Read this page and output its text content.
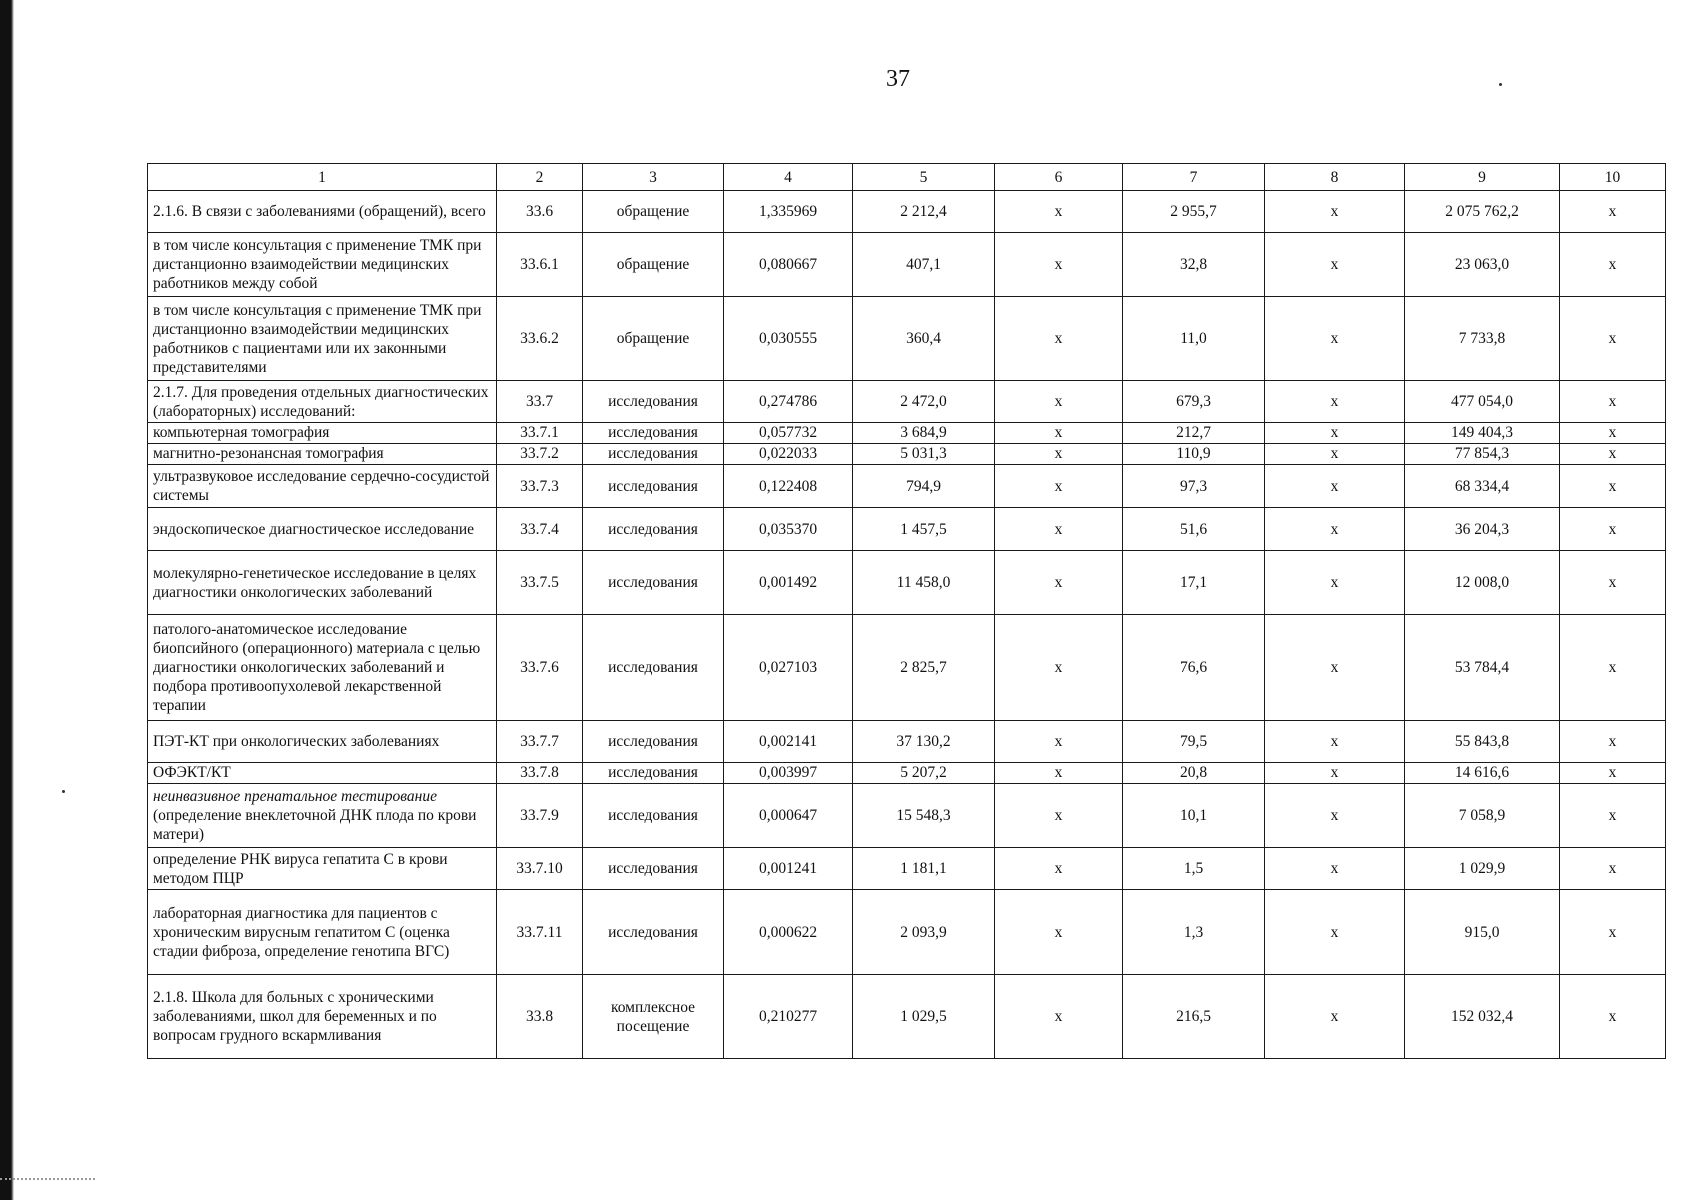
37
1	2	3	4	5	6	7	8	9	10
2.1.6. В связи с заболеваниями (обращений), всего	33.6	обращение	1,335969	2 212,4	х	2 955,7	х	2 075 762,2	х
в том числе консультация с применение ТМК при дистанционно взаимодействии медицинских работников между собой	33.6.1	обращение	0,080667	407,1	х	32,8	х	23 063,0	х
в том числе консультация с применение ТМК при дистанционно взаимодействии медицинских работников с пациентами или их законными представителями	33.6.2	обращение	0,030555	360,4	х	11,0	х	7 733,8	х
2.1.7. Для проведения отдельных диагностических (лабораторных) исследований:	33.7	исследования	0,274786	2 472,0	х	679,3	х	477 054,0	х
компьютерная томография	33.7.1	исследования	0,057732	3 684,9	х	212,7	х	149 404,3	х
магнитно-резонансная томография	33.7.2	исследования	0,022033	5 031,3	х	110,9	х	77 854,3	х
ультразвуковое исследование сердечно-сосудистой системы	33.7.3	исследования	0,122408	794,9	х	97,3	х	68 334,4	х
эндоскопическое диагностическое исследование	33.7.4	исследования	0,035370	1 457,5	х	51,6	х	36 204,3	х
молекулярно-генетическое исследование в целях диагностики онкологических заболеваний	33.7.5	исследования	0,001492	11 458,0	х	17,1	х	12 008,0	х
патолого-анатомическое исследование биопсийного (операционного) материала с целью диагностики онкологических заболеваний и подбора противоопухолевой лекарственной терапии	33.7.6	исследования	0,027103	2 825,7	х	76,6	х	53 784,4	х
ПЭТ-КТ при онкологических заболеваниях	33.7.7	исследования	0,002141	37 130,2	х	79,5	х	55 843,8	х
ОФЭКТ/КТ	33.7.8	исследования	0,003997	5 207,2	х	20,8	х	14 616,6	х
неинвазивное пренатальное тестирование (определение внеклеточной ДНК плода по крови матери)	33.7.9	исследования	0,000647	15 548,3	х	10,1	х	7 058,9	х
определение РНК вируса гепатита С в крови методом ПЦР	33.7.10	исследования	0,001241	1 181,1	х	1,5	х	1 029,9	х
лабораторная диагностика для пациентов с хроническим вирусным гепатитом С (оценка стадии фиброза, определение генотипа ВГС)	33.7.11	исследования	0,000622	2 093,9	х	1,3	х	915,0	х
2.1.8. Школа для больных с хроническими заболеваниями, школ для беременных и по вопросам грудного вскармливания	33.8	комплексное посещение	0,210277	1 029,5	х	216,5	х	152 032,4	х
